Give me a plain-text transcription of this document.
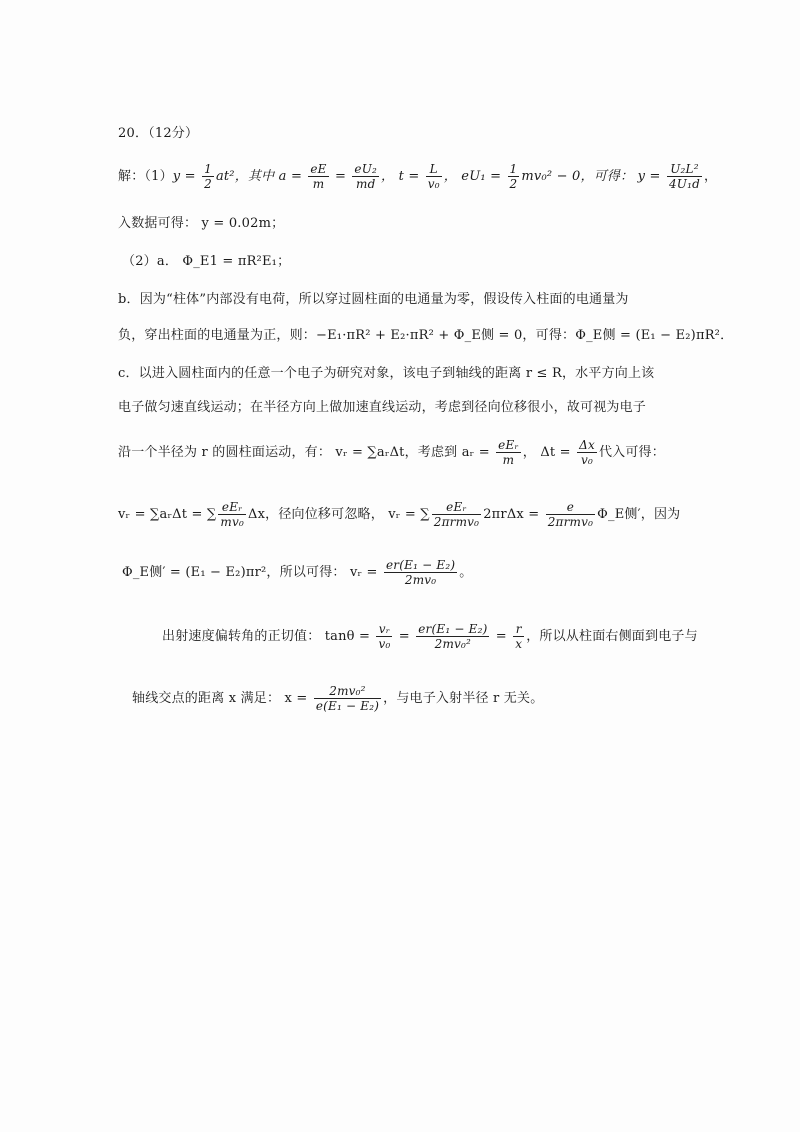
20．（12分）
解：$(1)y = \frac{1}{2} at^2$，其中 $a = \frac{eE}{m} = \frac{\text{eU₂}}{md}$ ， $t = \frac{L}{\text{v₀}}$ ， $eU_1 = \frac{1}{2} mv_0^2 - 0$，可得： $y = \frac{\text{U₂L²}}{\text{4U₁d}}$ ，
入数据可得： y = 0.02m；
（2）a． Φ_E1 = πR²E₁；
b．因为“柱体”内部没有电荷，所以穿过圆柱面的电通量为零，假设传入柱面的电通量为
负，穿出柱面的电通量为正，则：−E₁·πR² + E₂·πR² + Φ_E侧 = 0，可得：Φ_E侧 = (E₁ − E₂)πR²．
c．以进入圆柱面内的任意一个电子为研究对象，该电子到轴线的距离 r ≤ R，水平方向上该
电子做匀速直线运动；在半径方向上做加速直线运动，考虑到径向位移很小，故可视为电子
沿一个半径为 r 的圆柱面运动，有： vᵣ = ∑aᵣΔt，考虑到 aᵣ = $\frac{\text{eEᵣ}}{m}$ ， $\Delta t = \frac{\Delta x}{\text{v₀}}$ 代入可得：
vᵣ = ∑aᵣΔt = ∑ $\frac{\text{eEᵣ}}{\text{mv₀}}$ Δx，径向位移可忽略， vᵣ = ∑ $\frac{\text{eEᵣ}}{\text{2πrmv₀}} 2\pi r\Delta x = \frac{e}{\text{2πrmv₀}}$ Φ_E侧′，因为
Φ_E侧′ = (E₁ − E₂)πr²，所以可得： vᵣ = $\frac{\text{er(E₁ − E₂)}}{\text{2mv₀}}$ 。
出射速度偏转角的正切值： $\tan\theta = \frac{\text{vᵣ}}{\text{v₀}} = \frac{\text{er(E₁ − E₂)}}{\text{2mv₀²}} = \frac{r}{x}$ ，所以从柱面右侧面到电子与
轴线交点的距离 x 满足： $x = \frac{\text{2mv₀²}}{\text{e(E₁ − E₂)}}$ ，与电子入射半径 r 无关。
